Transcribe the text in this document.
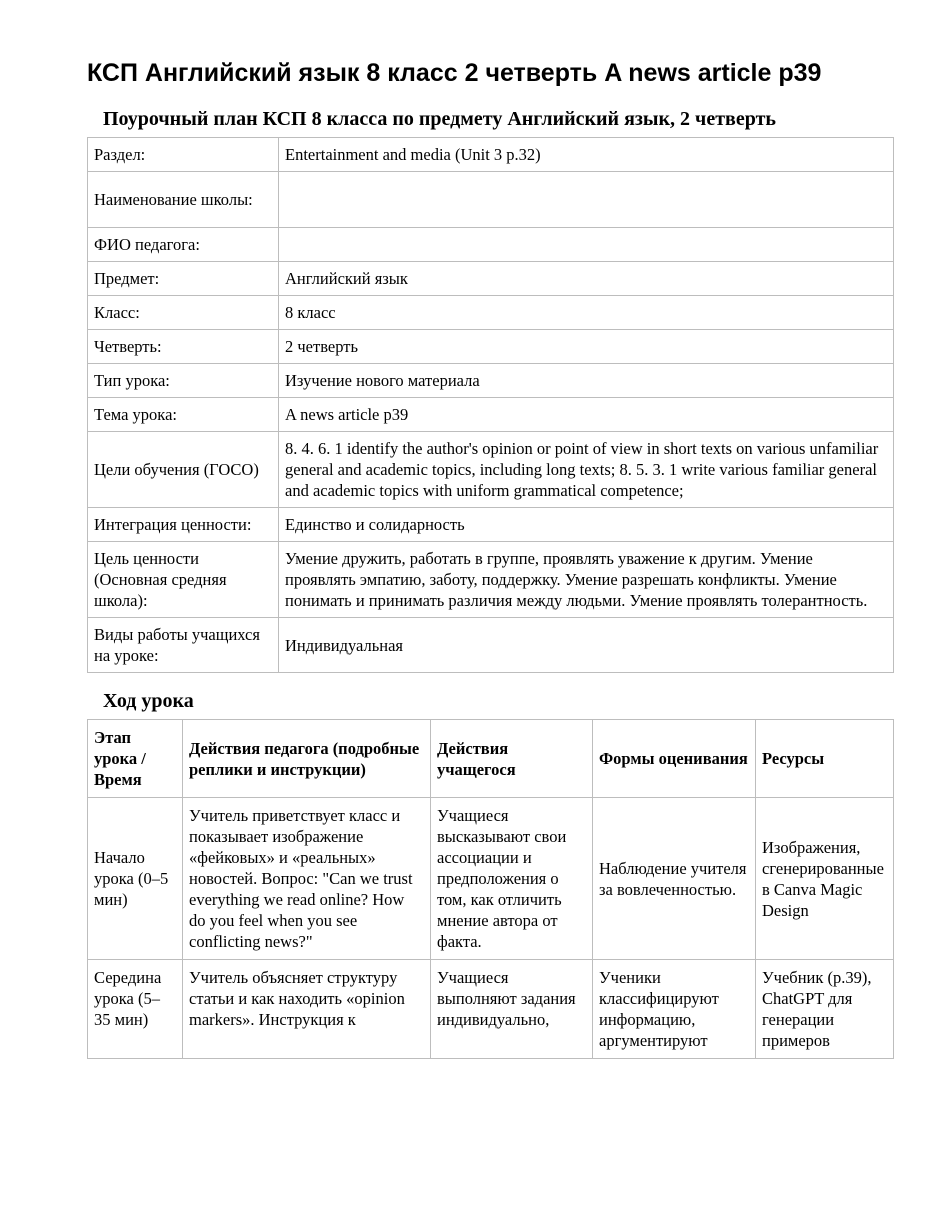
КСП Английский язык 8 класс 2 четверть A news article p39
Поурочный план КСП 8 класса по предмету Английский язык, 2 четверть
Раздел:	Entertainment and media (Unit 3 p.32)
Наименование школы:	
ФИО педагога:	
Предмет:	Английский язык
Класс:	8 класс
Четверть:	2 четверть
Тип урока:	Изучение нового материала
Тема урока:	A news article p39
Цели обучения (ГОСО)	8. 4. 6. 1 identify the author's opinion or point of view in short texts on various unfamiliar general and academic topics, including long texts; 8. 5. 3. 1 write various familiar general and academic topics with uniform grammatical competence;
Интеграция ценности:	Единство и солидарность
Цель ценности (Основная средняя школа):	Умение дружить, работать в группе, проявлять уважение к другим. Умение проявлять эмпатию, заботу, поддержку. Умение разрешать конфликты. Умение понимать и принимать различия между людьми. Умение проявлять толерантность.
Виды работы учащихся на уроке:	Индивидуальная
Ход урока
Этап урока / Время	Действия педагога (подробные реплики и инструкции)	Действия учащегося	Формы оценивания	Ресурсы
Начало урока (0–5 мин)	Учитель приветствует класс и показывает изображение «фейковых» и «реальных» новостей. Вопрос: "Can we trust everything we read online? How do you feel when you see conflicting news?"	Учащиеся высказывают свои ассоциации и предположения о том, как отличить мнение автора от факта.	Наблюдение учителя за вовлеченностью.	Изображения, сгенерированные в Canva Magic Design
Середина урока (5–35 мин)	Учитель объясняет структуру статьи и как находить «opinion markers». Инструкция к	Учащиеся выполняют задания индивидуально,	Ученики классифицируют информацию, аргументируют	Учебник (р.39), ChatGPT для генерации примеров
